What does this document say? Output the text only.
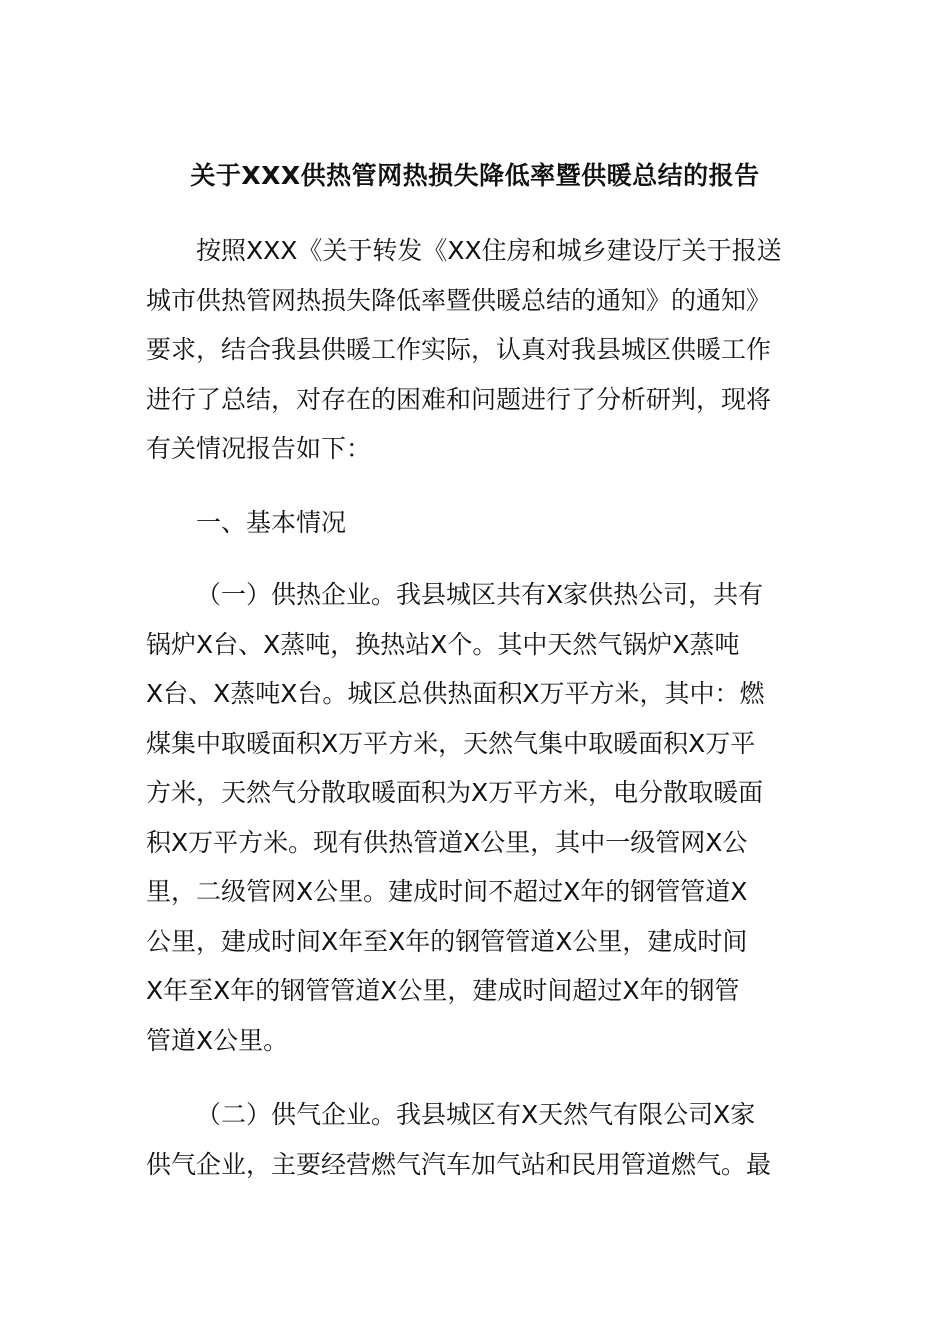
关于XXX供热管网热损失降低率暨供暖总结的报告
按照XXX《关于转发《XX住房和城乡建设厅关于报送
城市供热管网热损失降低率暨供暖总结的通知》的通知》
要求，结合我县供暖工作实际，认真对我县城区供暖工作
进行了总结，对存在的困难和问题进行了分析研判，现将
有关情况报告如下：
一、基本情况
（一）供热企业。我县城区共有X家供热公司，共有
锅炉X台、X蒸吨，换热站X个。其中天然气锅炉X蒸吨
X台、X蒸吨X台。城区总供热面积X万平方米，其中：燃
煤集中取暖面积X万平方米，天然气集中取暖面积X万平
方米，天然气分散取暖面积为X万平方米，电分散取暖面
积X万平方米。现有供热管道X公里，其中一级管网X公
里，二级管网X公里。建成时间不超过X年的钢管管道X
公里，建成时间X年至X年的钢管管道X公里，建成时间
X年至X年的钢管管道X公里，建成时间超过X年的钢管
管道X公里。
（二）供气企业。我县城区有X天然气有限公司X家
供气企业，主要经营燃气汽车加气站和民用管道燃气。最
